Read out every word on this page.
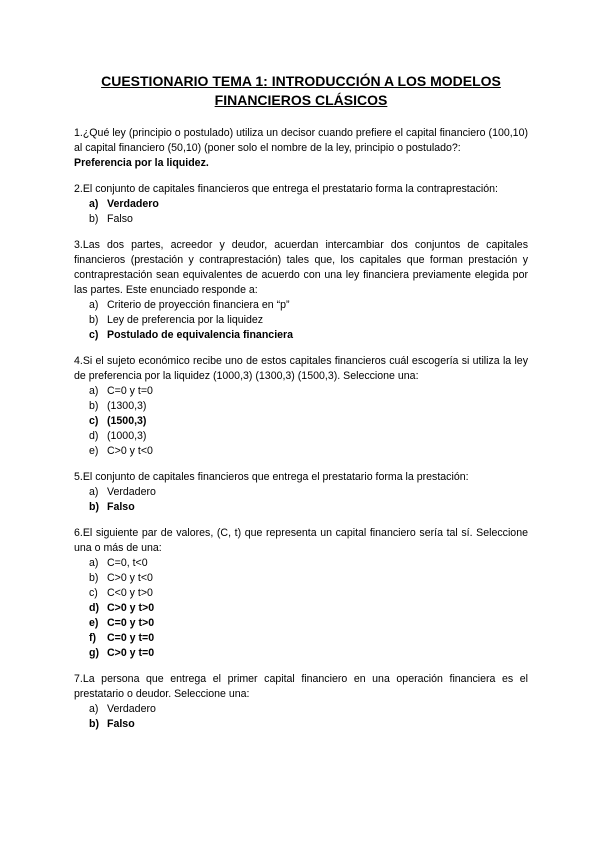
CUESTIONARIO TEMA 1: INTRODUCCIÓN A LOS MODELOS
FINANCIEROS CLÁSICOS

1.¿Qué ley (principio o postulado) utiliza un decisor cuando prefiere el capital financiero (100,10) al capital financiero (50,10) (poner solo el nombre de la ley, principio o postulado?:

Preferencia por la liquidez.

2.El conjunto de capitales financieros que entrega el prestatario forma la contraprestación:

a) Verdadero
b) Falso

3.Las dos partes, acreedor y deudor, acuerdan intercambiar dos conjuntos de capitales financieros (prestación y contraprestación) tales que, los capitales que forman prestación y contraprestación sean equivalentes de acuerdo con una ley financiera previamente elegida por las partes. Este enunciado responde a:

a) Criterio de proyección financiera en “p”
b) Ley de preferencia por la liquidez
c) Postulado de equivalencia financiera

4.Si el sujeto económico recibe uno de estos capitales financieros cuál escogería si utiliza la ley de preferencia por la liquidez (1000,3) (1300,3) (1500,3). Seleccione una:

a) C=0 y t=0
b) (1300,3)
c) (1500,3)
d) (1000,3)
e) C>0 y t<0

5.El conjunto de capitales financieros que entrega el prestatario forma la prestación:

a) Verdadero
b) Falso

6.El siguiente par de valores, (C, t) que representa un capital financiero sería tal sí. Seleccione una o más de una:

a) C=0, t<0
b) C>0 y t<0
c) C<0 y t>0
d) C>0 y t>0
e) C=0 y t>0
f) C=0 y t=0
g) C>0 y t=0

7.La persona que entrega el primer capital financiero en una operación financiera es el prestatario o deudor. Seleccione una:

a) Verdadero
b) Falso
